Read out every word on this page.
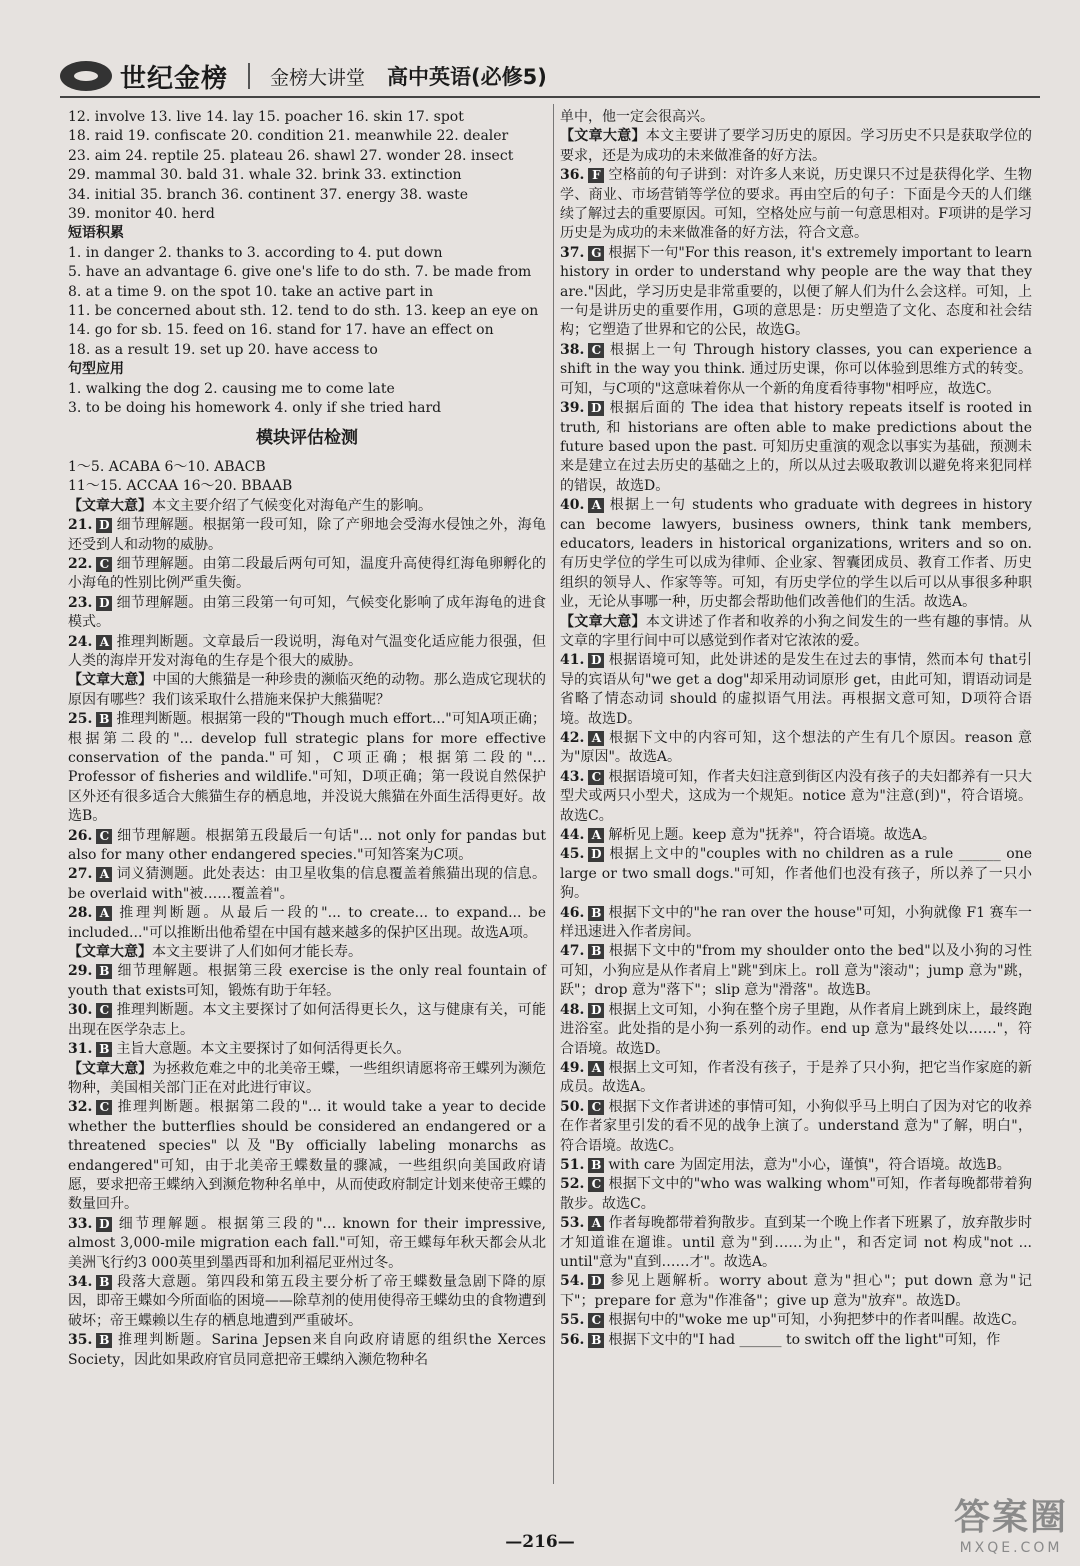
世纪金榜 金榜大讲堂 高中英语(必修5)

12. involve 13. live 14. lay 15. poacher 16. skin 17. spot

18. raid 19. confiscate 20. condition 21. meanwhile 22. dealer

23. aim 24. reptile 25. plateau 26. shawl 27. wonder 28. insect

29. mammal 30. bald 31. whale 32. brink 33. extinction

34. initial 35. branch 36. continent 37. energy 38. waste

39. monitor 40. herd

短语积累

1. in danger 2. thanks to 3. according to 4. put down

5. have an advantage 6. give one's life to do sth. 7. be made from

8. at a time 9. on the spot 10. take an active part in

11. be concerned about sth. 12. tend to do sth. 13. keep an eye on

14. go for sb. 15. feed on 16. stand for 17. have an effect on

18. as a result 19. set up 20. have access to

句型应用

1. walking the dog 2. causing me to come late

3. to be doing his homework 4. only if she tried hard

模块评估检测

1～5. ACABA 6～10. ABACB

11～15. ACCAA 16～20. BBAAB

【文章大意】本文主要介绍了气候变化对海龟产生的影响。

21. D 细节理解题。根据第一段可知，除了产卵地会受海水侵蚀之外，海龟还受到人和动物的威胁。

22. C 细节理解题。由第二段最后两句可知，温度升高使得红海龟卵孵化的小海龟的性别比例严重失衡。

23. D 细节理解题。由第三段第一句可知，气候变化影响了成年海龟的进食模式。

24. A 推理判断题。文章最后一段说明，海龟对气温变化适应能力很强，但人类的海岸开发对海龟的生存是个很大的威胁。

【文章大意】中国的大熊猫是一种珍贵的濒临灭绝的动物。那么造成它现状的原因有哪些？我们该采取什么措施来保护大熊猫呢？

25. B 推理判断题。根据第一段的"Though much effort..."可知A项正确；根据第二段的"... develop full strategic plans for more effective conservation of the panda."可知，C项正确；根据第二段的"... Professor of fisheries and wildlife."可知，D项正确；第一段说自然保护区外还有很多适合大熊猫生存的栖息地，并没说大熊猫在外面生活得更好。故选B。

26. C 细节理解题。根据第五段最后一句话"... not only for pandas but also for many other endangered species."可知答案为C项。

27. A 词义猜测题。此处表达：由卫星收集的信息覆盖着熊猫出现的信息。be overlaid with"被……覆盖着"。

28. A 推理判断题。从最后一段的"... to create... to expand... be included..."可以推断出他希望在中国有越来越多的保护区出现。故选A项。

【文章大意】本文主要讲了人们如何才能长寿。

29. B 细节理解题。根据第三段 exercise is the only real fountain of youth that exists可知，锻炼有助于年轻。

30. C 推理判断题。本文主要探讨了如何活得更长久，这与健康有关，可能出现在医学杂志上。

31. B 主旨大意题。本文主要探讨了如何活得更长久。

【文章大意】为拯救危难之中的北美帝王蝶，一些组织请愿将帝王蝶列为濒危物种，美国相关部门正在对此进行审议。

32. C 推理判断题。根据第二段的"... it would take a year to decide whether the butterflies should be considered an endangered or a threatened species"以及"By officially labeling monarchs as endangered"可知，由于北美帝王蝶数量的骤减，一些组织向美国政府请愿，要求把帝王蝶纳入到濒危物种名单中，从而使政府制定计划来使帝王蝶的数量回升。

33. D 细节理解题。根据第三段的"... known for their impressive, almost 3,000-mile migration each fall."可知，帝王蝶每年秋天都会从北美洲飞行约3 000英里到墨西哥和加利福尼亚州过冬。

34. B 段落大意题。第四段和第五段主要分析了帝王蝶数量急剧下降的原因，即帝王蝶如今所面临的困境——除草剂的使用使得帝王蝶幼虫的食物遭到破坏；帝王蝶赖以生存的栖息地遭到严重破坏。

35. B 推理判断题。Sarina Jepsen来自向政府请愿的组织the Xerces Society，因此如果政府官员同意把帝王蝶纳入濒危物种名

单中，他一定会很高兴。

【文章大意】本文主要讲了要学习历史的原因。学习历史不只是获取学位的要求，还是为成功的未来做准备的好方法。

36. F 空格前的句子讲到：对许多人来说，历史课只不过是获得化学、生物学、商业、市场营销等学位的要求。再由空后的句子：下面是今天的人们继续了解过去的重要原因。可知，空格处应与前一句意思相对。F项讲的是学习历史是为成功的未来做准备的好方法，符合文意。

37. G 根据下一句"For this reason, it's extremely important to learn history in order to understand why people are the way that they are."因此，学习历史是非常重要的，以便了解人们为什么会这样。可知，上一句是讲历史的重要作用，G项的意思是：历史塑造了文化、态度和社会结构；它塑造了世界和它的公民，故选G。

38. C 根据上一句 Through history classes, you can experience a shift in the way you think. 通过历史课，你可以体验到思维方式的转变。可知，与C项的"这意味着你从一个新的角度看待事物"相呼应，故选C。

39. D 根据后面的 The idea that history repeats itself is rooted in truth, 和 historians are often able to make predictions about the future based upon the past. 可知历史重演的观念以事实为基础，预测未来是建立在过去历史的基础之上的，所以从过去吸取教训以避免将来犯同样的错误，故选D。

40. A 根据上一句 students who graduate with degrees in history can become lawyers, business owners, think tank members, educators, leaders in historical organizations, writers and so on. 有历史学位的学生可以成为律师、企业家、智囊团成员、教育工作者、历史组织的领导人、作家等等。可知，有历史学位的学生以后可以从事很多种职业，无论从事哪一种，历史都会帮助他们改善他们的生活。故选A。

【文章大意】本文讲述了作者和收养的小狗之间发生的一些有趣的事情。从文章的字里行间中可以感觉到作者对它浓浓的爱。

41. D 根据语境可知，此处讲述的是发生在过去的事情，然而本句 that引导的宾语从句"we get a dog"却采用动词原形 get，由此可知，谓语动词是省略了情态动词 should 的虚拟语气用法。再根据文意可知，D项符合语境。故选D。

42. A 根据下文中的内容可知，这个想法的产生有几个原因。reason 意为"原因"。故选A。

43. C 根据语境可知，作者夫妇注意到街区内没有孩子的夫妇都养有一只大型犬或两只小型犬，这成为一个规矩。notice 意为"注意(到)"，符合语境。故选C。

44. A 解析见上题。keep 意为"抚养"，符合语境。故选A。

45. D 根据上文中的"couples with no children as a rule ______ one large or two small dogs."可知，作者他们也没有孩子，所以养了一只小狗。

46. B 根据下文中的"he ran over the house"可知，小狗就像 F1 赛车一样迅速进入作者房间。

47. B 根据下文中的"from my shoulder onto the bed"以及小狗的习性可知，小狗应是从作者肩上"跳"到床上。roll 意为"滚动"；jump 意为"跳，跃"；drop 意为"落下"；slip 意为"滑落"。故选B。

48. D 根据上文可知，小狗在整个房子里跑，从作者肩上跳到床上，最终跑进浴室。此处指的是小狗一系列的动作。end up 意为"最终处以……"，符合语境。故选D。

49. A 根据上文可知，作者没有孩子，于是养了只小狗，把它当作家庭的新成员。故选A。

50. C 根据下文作者讲述的事情可知，小狗似乎马上明白了因为对它的收养在作者家里引发的看不见的战争上演了。understand 意为"了解，明白"，符合语境。故选C。

51. B with care 为固定用法，意为"小心，谨慎"，符合语境。故选B。

52. C 根据下文中的"who was walking whom"可知，作者每晚都带着狗散步。故选C。

53. A 作者每晚都带着狗散步。直到某一个晚上作者下班累了，放弃散步时才知道谁在遛谁。until 意为"到……为止"，和否定词 not 构成"not ... until"意为"直到……才"。故选A。

54. D 参见上题解析。worry about 意为"担心"；put down 意为"记下"；prepare for 意为"作准备"；give up 意为"放弃"。故选D。

55. C 根据句中的"woke me up"可知，小狗把梦中的作者叫醒。故选C。

56. B 根据下文中的"I had ______ to switch off the light"可知，作

—216—
答案圈
MXQE.COM
